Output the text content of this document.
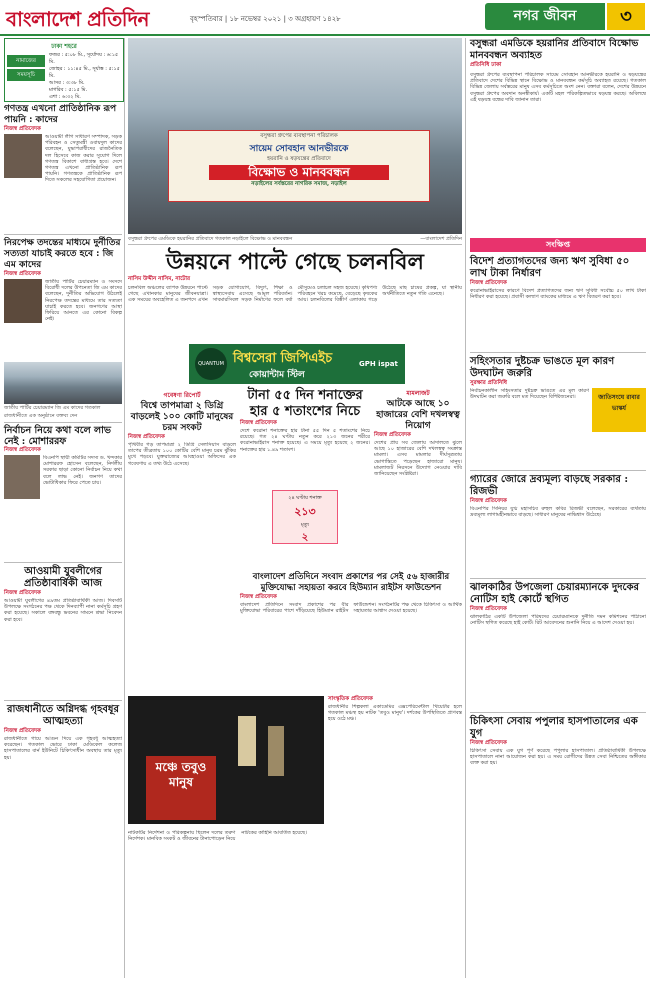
বাংলাদেশ প্রতিদিন	বৃহস্পতিবার | ১৮ নভেম্বর ২০২১ | ৩ অগ্রহায়ণ ১৪২৮	নগর জীবন	৩
ঢাকা শহরে
নামাজের
সময়সূচি
ফজর : ৫:০৮ মি., সূর্যোদয় : ৬:১৫ মি.
জোহর : ১১:৪৫ মি., সূর্যাস্ত : ৫:১৫ মি.
আসর : ৩:৩৮ মি.
মাগরিব : ৫:১৫ মি.
এশা : ৬:৩২ মি.
গণতন্ত্র এখনো প্রাতিষ্ঠানিক রূপ পায়নি : কাদের
নিজস্ব প্রতিবেদক
আওয়ামী লীগ সাধারণ সম্পাদক, সড়ক পরিবহন ও সেতুমন্ত্রী ওবায়দুল কাদের বলেছেন, যুদ্ধাপরাধীদের রাজনৈতিক দল হিসেবে কাজ করার সুযোগ দিলে গণতন্ত্র বিকাশে বাধাগ্রস্ত হবে। দেশে গণতন্ত্র এখনো প্রাতিষ্ঠানিক রূপ পায়নি। গণতন্ত্রকে প্রাতিষ্ঠানিক রূপ দিতে সকলের সহযোগিতা প্রয়োজন।
নিরপেক্ষ তদন্তের মাধ্যমে দুর্নীতির সত্যতা যাচাই করতে হবে : জি এম কাদের
নিজস্ব প্রতিবেদক
জাতীয় পার্টির চেয়ারম্যান ও সংসদে বিরোধী দলের উপনেতা জি এম কাদের বলেছেন, দুর্নীতির অভিযোগ উঠলেই নিরপেক্ষ তদন্তের মাধ্যমে তার সত্যতা যাচাই করতে হবে। জনগণের আস্থা ফিরিয়ে আনতে এর কোনো বিকল্প নেই।
জাতীয় পার্টির চেয়ারম্যান জি এম কাদের গতকাল রাজধানীতে এক অনুষ্ঠানে বক্তব্য দেন
নির্বাচন নিয়ে কথা বলে লাভ নেই : মোশাররফ
নিজস্ব প্রতিবেদক
বিএনপি স্থায়ী কমিটির সদস্য ড. খন্দকার মোশাররফ হোসেন বলেছেন, নির্দলীয় সরকার ছাড়া কোনো নির্বাচন নিয়ে কথা বলে লাভ নেই। জনগণ তাদের ভোটাধিকার ফিরে পেতে চায়।
আওয়ামী যুবলীগের প্রতিষ্ঠাবার্ষিকী আজ
নিজস্ব প্রতিবেদক
আওয়ামী যুবলীগের ৪৯তম প্রতিষ্ঠাবার্ষিকী আজ। দিবসটি উপলক্ষে সংগঠনের পক্ষ থেকে দিনব্যাপী নানা কর্মসূচি গ্রহণ করা হয়েছে। সকালে বঙ্গবন্ধু ভবনের সামনে শ্রদ্ধা নিবেদন করা হবে।
রাজধানীতে অগ্নিদগ্ধ গৃহবধূর আত্মহত্যা
নিজস্ব প্রতিবেদক
রাজধানীতে গায়ে আগুন দিয়ে এক গৃহবধূ আত্মহত্যা করেছেন। গতকাল ভোরে ঢাকা মেডিকেল কলেজ হাসপাতালের বার্ন ইউনিটে চিকিৎসাধীন অবস্থায় তার মৃত্যু হয়।
বসুন্ধরা গ্রুপের ব্যবস্থাপনা পরিচালক
সায়েম সোবহান আনভীরকে
হয়রানি ও ষড়যন্ত্রের প্রতিবাদে
বিক্ষোভ ও মানববন্ধন
নড়াইলের সর্বস্তরের নাগরিক সমাজ, নড়াইল
বসুন্ধরা গ্রুপের এমডিকে হয়রানির প্রতিবাদে গতকাল নড়াইলে বিক্ষোভ ও মানববন্ধন	—বাংলাদেশ প্রতিদিন
বসুন্ধরা এমডিকে হয়রানির প্রতিবাদে বিক্ষোভ মানববন্ধন অব্যাহত
প্রতিনিধি ঢাকা
বসুন্ধরা গ্রুপের ব্যবস্থাপনা পরিচালক সায়েম সোবহান আনভীরকে হয়রানি ও ষড়যন্ত্রের প্রতিবাদে দেশের বিভিন্ন স্থানে বিক্ষোভ ও মানববন্ধন কর্মসূচি অব্যাহত রয়েছে। গতকাল বিভিন্ন জেলায় সর্বস্তরের মানুষ এসব কর্মসূচিতে অংশ নেন। বক্তারা বলেন, দেশের উন্নয়নে বসুন্ধরা গ্রুপের অবদান অনস্বীকার্য। একটি মহল পরিকল্পিতভাবে ষড়যন্ত্র করছে। অবিলম্বে এই ষড়যন্ত্র বন্ধের দাবি জানান তারা।
উন্নয়নে পাল্টে গেছে চলনবিল
নাসিম উদ্দীন নাসিম, নাটোর
চলনবিল অঞ্চলের ব্যাপক উন্নয়নে পাল্টে গেছে এখানকার মানুষের জীবনযাত্রা। এক সময়ের অবহেলিত এ জনপদে এখন সড়ক যোগাযোগ, বিদ্যুৎ, শিক্ষা ও স্বাস্থ্যসেবায় এসেছে আমূল পরিবর্তন। সাবমারসিবল সড়ক নির্মাণের ফলে বর্ষা মৌসুমেও চলাচল সহজ হয়েছে। কৃষিপণ্য পরিবহনে খরচ কমেছে, বেড়েছে কৃষকের আয়। চলনবিলের বিস্তীর্ণ এলাকায় গড়ে উঠেছে মাছ চাষের প্রকল্প, যা স্থানীয় অর্থনীতিতে নতুন গতি এনেছে।
QUANTUM বিশ্বসেরা জিপিএইচ
কোয়ান্টাম স্টিল
GPH ispat
গবেষণা রিপোর্ট
বিশ্বে তাপমাত্রা ২ ডিগ্রি বাড়লেই ১০০ কোটি মানুষের চরম সংকট
নিজস্ব প্রতিবেদক
পৃথিবীর গড় তাপমাত্রা ২ ডিগ্রি সেলসিয়াস বাড়লে তাপের তীব্রতায় ১০০ কোটির বেশি মানুষ চরম ঝুঁকির মুখে পড়বে। যুক্তরাজ্যের আবহাওয়া অফিসের এক গবেষণায় এ তথ্য উঠে এসেছে।
টানা ৫৫ দিন শনাক্তের হার ৫ শতাংশের নিচে
নিজস্ব প্রতিবেদক
দেশে করোনা শনাক্তের হার টানা ৫৫ দিন ৫ শতাংশের নিচে রয়েছে। গত ২৪ ঘণ্টায় নতুন করে ২১৩ জনের শরীরে করোনাভাইরাস শনাক্ত হয়েছে। এ সময়ে মৃত্যু হয়েছে ২ জনের। শনাক্তের হার ১.৪৯ শতাংশ।
২৪ ঘণ্টায় শনাক্ত
২১৩
মৃত্যু
২
মামলাজট
আটকে আছে ১০ হাজারের বেশি দখলস্বত্ব নিয়োগ
নিজস্ব প্রতিবেদক
দেশের প্রায় সব জেলায় আদালতে ঝুলে আছে ১০ হাজারের বেশি দখলস্বত্ব সংক্রান্ত মামলা। এসব মামলার দীর্ঘসূত্রতায় ভোগান্তিতে পড়েছেন হাজারো মানুষ। মামলাজট নিরসনে উদ্যোগ নেওয়ার দাবি জানিয়েছেন সংশ্লিষ্টরা।
বাংলাদেশ প্রতিদিনে সংবাদ প্রকাশের পর সেই ৫৬ হাজারীর মুক্তিযোদ্ধা সহায়তা করবে হিউম্যান রাইটস ফাউন্ডেশন
নিজস্ব প্রতিবেদক
বাংলাদেশ প্রতিদিনে সংবাদ প্রকাশের পর বীর মুক্তিযোদ্ধা পরিবারের পাশে দাঁড়িয়েছে হিউম্যান রাইটস ফাউন্ডেশন। সংগঠনটির পক্ষ থেকে চিকিৎসা ও আর্থিক সহায়তার আশ্বাস দেওয়া হয়েছে।
মঞ্চে তবুও মানুষ
সাংস্কৃতিক প্রতিবেদক
রাজধানীর শিল্পকলা একাডেমির এক্সপেরিমেন্টাল থিয়েটার হলে গতকাল মঞ্চস্থ হয় নাটক 'তবুও মানুষ'। দর্শকের উপস্থিতিতে প্রাণবন্ত হয়ে ওঠে মঞ্চ।
নাটকটির নির্দেশনা ও পরিকল্পনায় ছিলেন দলের তরুণ নির্দেশক। মানবিক সংকট ও জীবনের টানাপোড়েন নিয়ে নাটকের কাহিনি আবর্তিত হয়েছে।
সংক্ষিপ্ত
বিদেশ প্রত্যাগতদের জন্য ঋণ সুবিধা ৫০ লাখ টাকা নির্ধারণ
নিজস্ব প্রতিবেদক
করোনাভাইরাসের কারণে বিদেশ প্রত্যাগতদের জন্য ঋণ সুবিধা সর্বোচ্চ ৫০ লাখ টাকা নির্ধারণ করা হয়েছে। প্রবাসী কল্যাণ ব্যাংকের মাধ্যমে এ ঋণ বিতরণ করা হবে।
সহিংসতার দুষ্টচক্র ভাঙতে মূল কারণ উদঘাটন জরুরি
সুরক্ষার প্রতিনিধি
নির্বাচনকালীন সহিংসতার দুষ্টচক্র ভাঙতে এর মূল কারণ উদঘাটন করা জরুরি বলে মত দিয়েছেন বিশিষ্টজনেরা।	জাতিসংঘে রাবার ভাস্কর্য
গ্যারের জোরে দ্রব্যমূল্য বাড়ছে সরকার : রিজভী
নিজস্ব প্রতিবেদক
বিএনপির সিনিয়র যুগ্ম মহাসচিব রুহুল কবির রিজভী বলেছেন, সরকারের ব্যর্থতায় দ্রব্যমূল্য লাগামহীনভাবে বাড়ছে। সাধারণ মানুষের নাভিশ্বাস উঠেছে।
ঝালকাঠির উপজেলা চেয়ারম্যানকে দুদকের নোটিস হাই কোর্টে স্থগিত
নিজস্ব প্রতিবেদক
ঝালকাঠির একটি উপজেলা পরিষদের চেয়ারম্যানকে দুর্নীতি দমন কমিশনের পাঠানো নোটিস স্থগিত করেছে হাই কোর্ট। রিট আবেদনের শুনানি নিয়ে এ আদেশ দেওয়া হয়।
চিকিৎসা সেবায় পপুলার হাসপাতালের এক যুগ
নিজস্ব প্রতিবেদক
চিকিৎসা সেবায় এক যুগ পূর্ণ করেছে পপুলার হাসপাতাল। প্রতিষ্ঠাবার্ষিকী উপলক্ষে হাসপাতালে নানা আয়োজন করা হয়। এ সময় রোগীদের উন্নত সেবা নিশ্চিতের অঙ্গীকার ব্যক্ত করা হয়।
